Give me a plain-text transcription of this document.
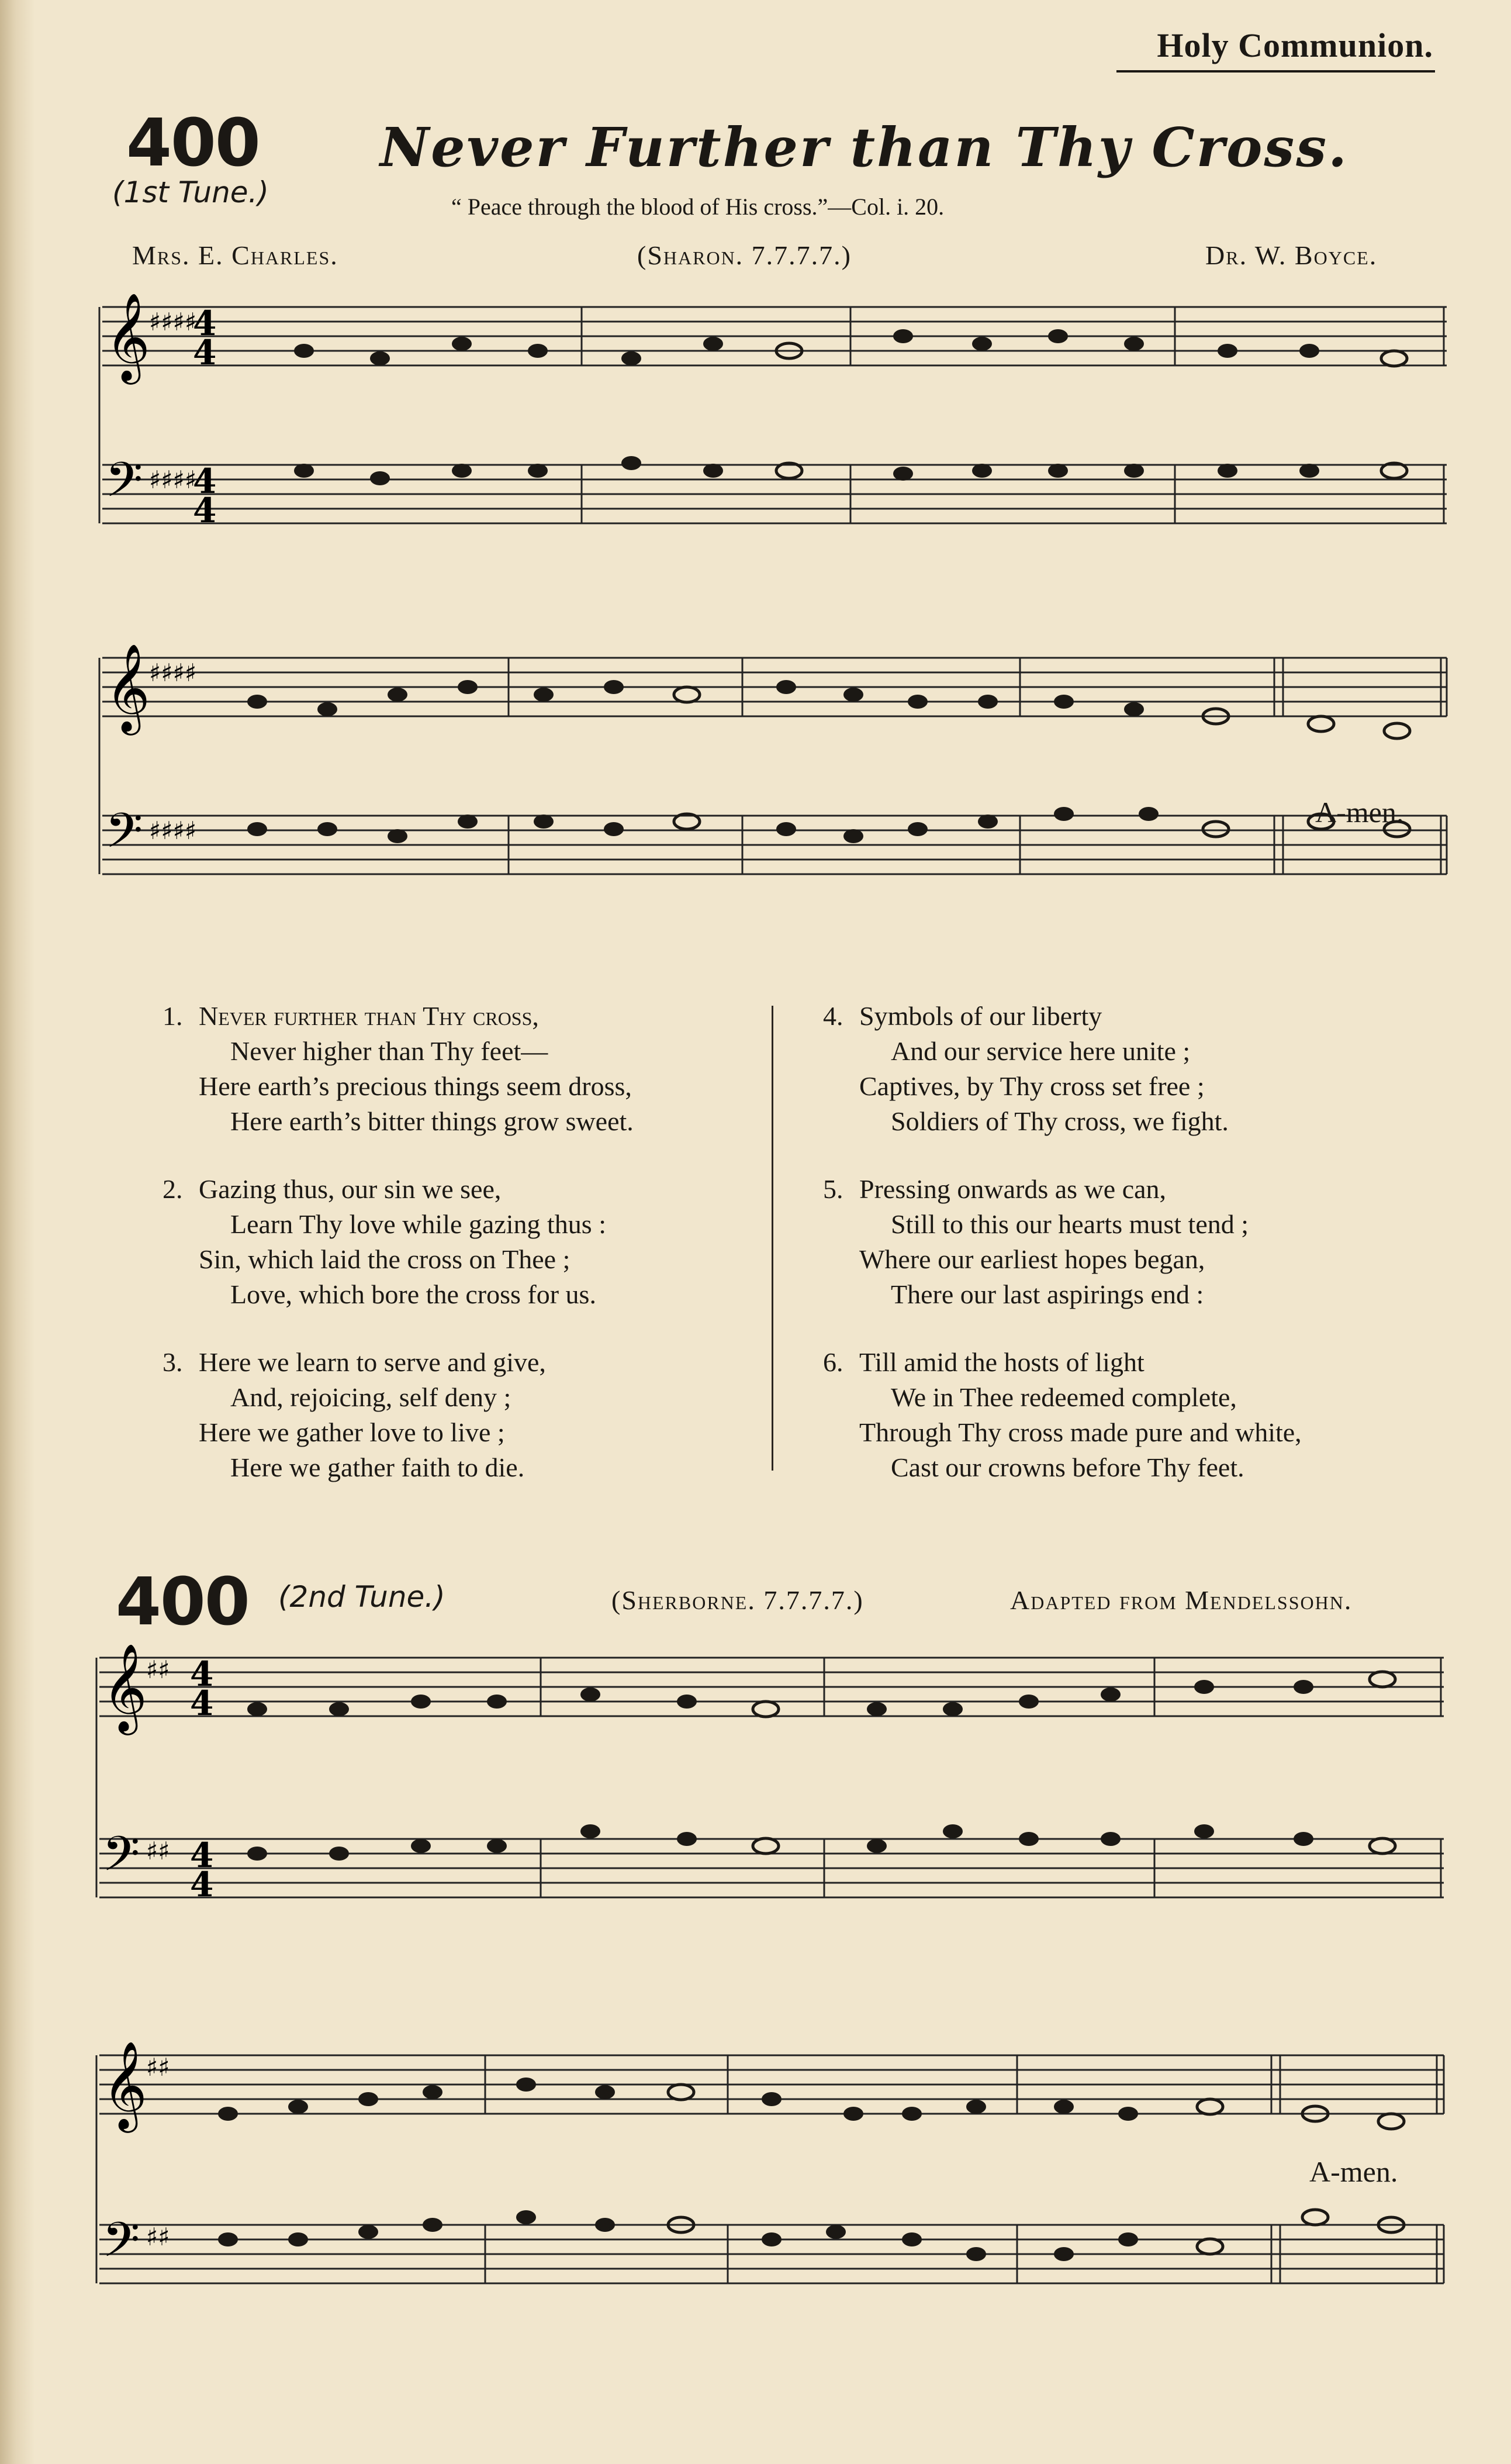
Holy Communion.
400
(1st Tune.)
Never Further than Thy Cross.
“ Peace through the blood of His cross.”—Col. i. 20.
Mrs. E. Charles.	(Sharon. 7.7.7.7.)	Dr. W. Boyce.
𝄞
𝄢
4
4
4
4
♯♯♯♯
♯♯♯♯
𝄞
𝄢
♯♯♯♯
♯♯♯♯
A-men.
1. Never further than Thy cross,
Never higher than Thy feet—
Here earth’s precious things seem dross,
Here earth’s bitter things grow sweet.
2. Gazing thus, our sin we see,
Learn Thy love while gazing thus :
Sin, which laid the cross on Thee ;
Love, which bore the cross for us.
3. Here we learn to serve and give,
And, rejoicing, self deny ;
Here we gather love to live ;
Here we gather faith to die.
4. Symbols of our liberty
And our service here unite ;
Captives, by Thy cross set free ;
Soldiers of Thy cross, we fight.
5. Pressing onwards as we can,
Still to this our hearts must tend ;
Where our earliest hopes began,
There our last aspirings end :
6. Till amid the hosts of light
We in Thee redeemed complete,
Through Thy cross made pure and white,
Cast our crowns before Thy feet.
400 (2nd Tune.)	(Sherborne. 7.7.7.7.)	Adapted from Mendelssohn.
𝄞
𝄢
♯♯
♯♯
4
4
4
4
𝄞
𝄢
♯♯
♯♯
A-men.
